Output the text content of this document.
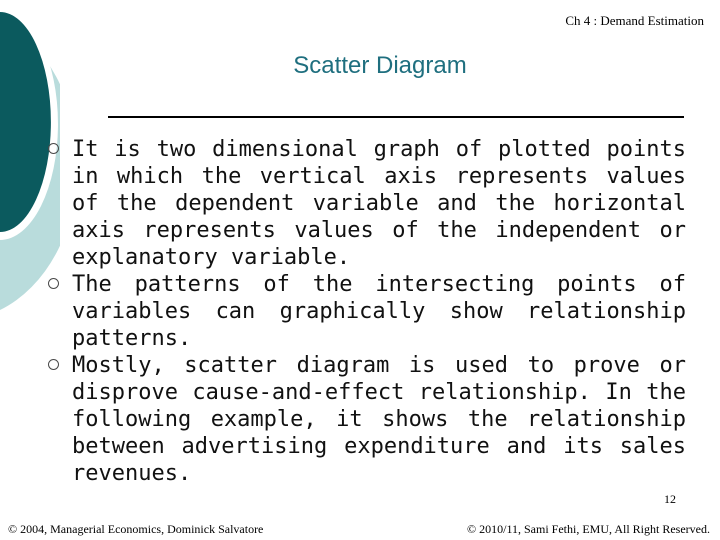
Ch 4 : Demand Estimation
Scatter Diagram
It is two dimensional graph of plotted points in which the vertical axis represents values of the dependent variable and the horizontal axis represents values of the independent or explanatory variable.
The patterns of the intersecting points of variables can graphically show relationship patterns.
Mostly, scatter diagram is used to prove or disprove cause-and-effect relationship. In the following example, it shows the relationship between advertising expenditure and its sales revenues.
12
© 2004, Managerial Economics, Dominick Salvatore	© 2010/11, Sami Fethi, EMU, All Right Reserved.
